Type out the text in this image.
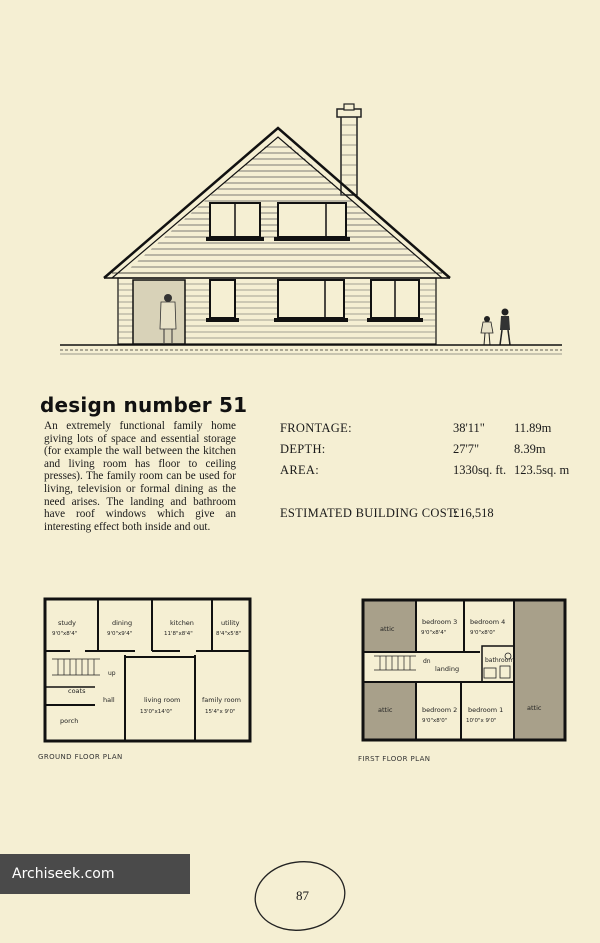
design number 51
An extremely functional family home giving lots of space and essential storage (for example the wall between the kitchen and living room has floor to ceiling presses). The family room can be used for living, television or formal dining as the need arises. The landing and bathroom have roof windows which give an interesting effect both inside and out.
FRONTAGE:	38'11" 11.89m
DEPTH:	27'7"	8.39m
AREA:	1330sq. ft. 123.5sq. m
ESTIMATED BUILDING COST:
£16,518
study
9'0"x8'4"
dining
9'0"x9'4"
kitchen
11'8"x8'4"
utility
8'4"x5'8"
up
coats
hall
porch
living room
13'0"x14'0"
family room
15'4"x 9'0"
GROUND FLOOR PLAN
attic
attic	attic
bedroom 3
9'0"x8'4"
bedroom 4
9'0"x8'0"
dn
landing
bathroom
bedroom 2
9'0"x8'0"
bedroom 1
10'0"x 9'0"
FIRST FLOOR PLAN
Archiseek.com
87
